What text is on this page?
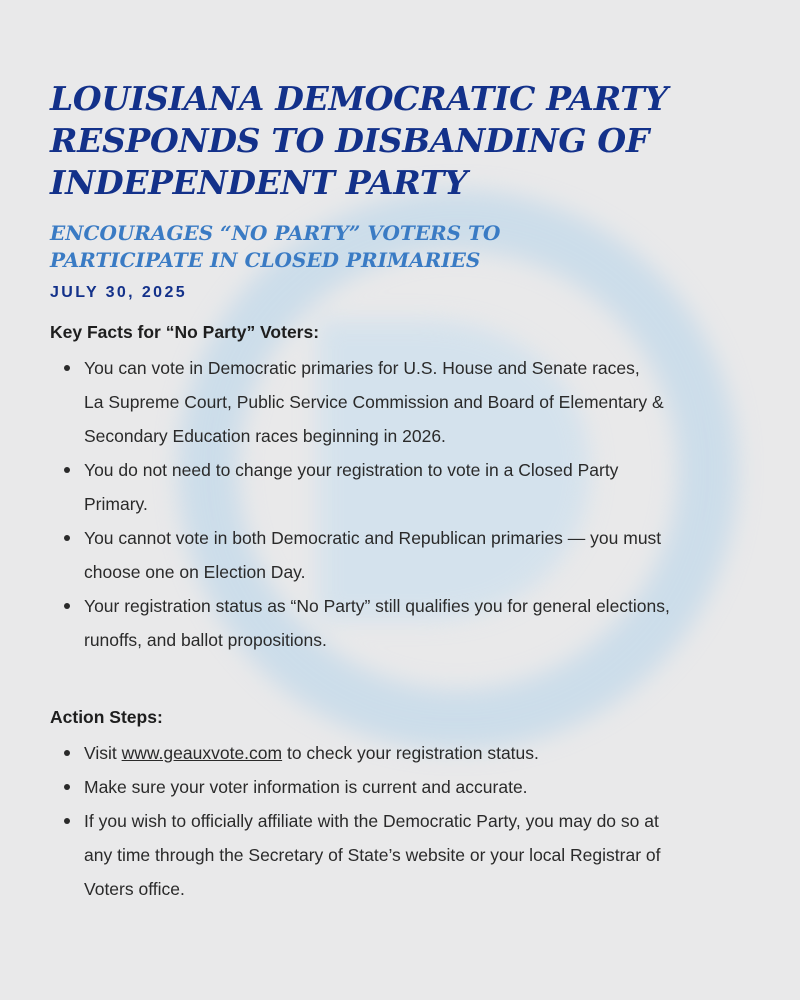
LOUISIANA DEMOCRATIC PARTY
RESPONDS TO DISBANDING OF
INDEPENDENT PARTY
ENCOURAGES “NO PARTY” VOTERS TO
PARTICIPATE IN CLOSED PRIMARIES
JULY 30, 2025
Key Facts for “No Party” Voters:
You can vote in Democratic primaries for U.S. House and Senate races,
La Supreme Court, Public Service Commission and Board of Elementary &
Secondary Education races beginning in 2026.
You do not need to change your registration to vote in a Closed Party
Primary.
You cannot vote in both Democratic and Republican primaries — you must
choose one on Election Day.
Your registration status as “No Party” still qualifies you for general elections,
runoffs, and ballot propositions.
Action Steps:
Visit www.geauxvote.com to check your registration status.
Make sure your voter information is current and accurate.
If you wish to officially affiliate with the Democratic Party, you may do so at
any time through the Secretary of State’s website or your local Registrar of
Voters office.
